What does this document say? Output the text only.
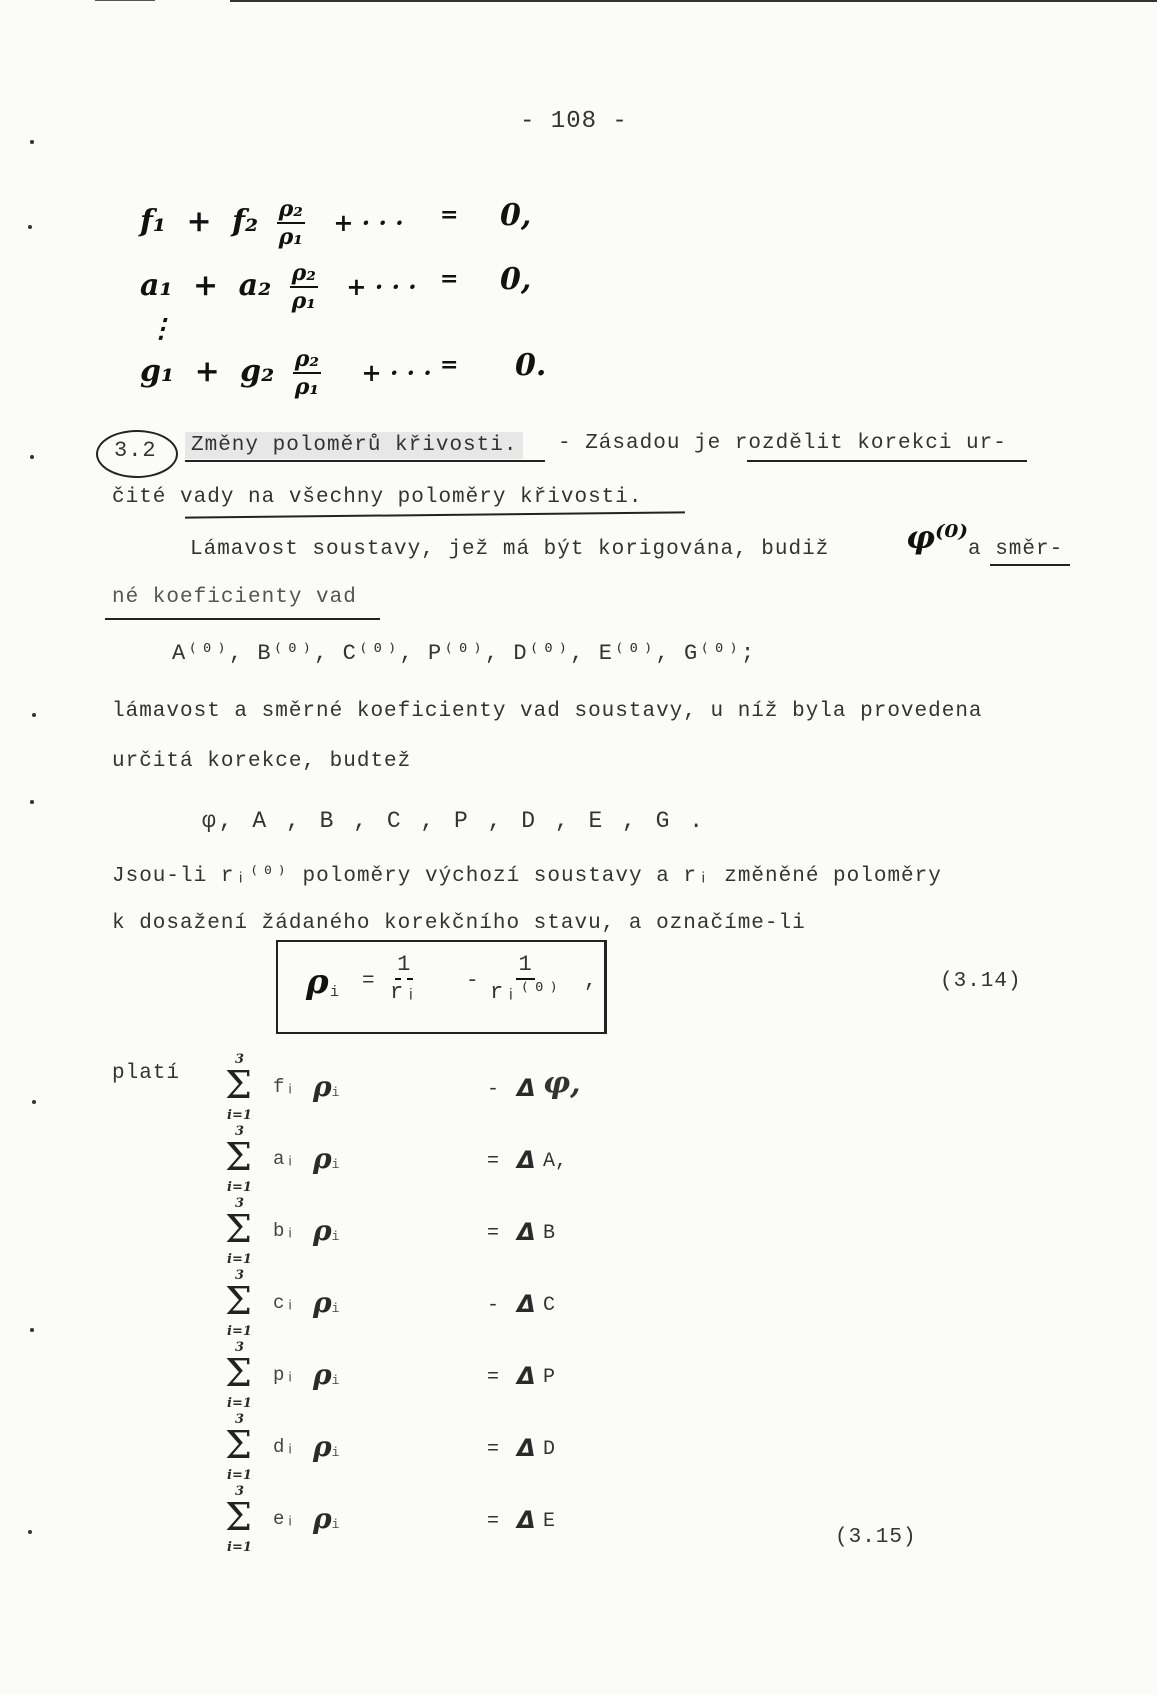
- 108 -
$f_1 + f_2 \frac{\text{ρ₂}}{\text{ρ₁}}$ + · · · = 0,
$a_1 + a_2 \frac{\text{ρ₂}}{\text{ρ₁}}$ + · · · = 0,
⋮
$g_1 + g_2 \frac{\text{ρ₂}}{\text{ρ₁}}$ + · · · = 0.
3.2 Změny poloměrů křivosti. - Zásadou je rozdělit korekci ur-
čité vady na všechny poloměry křivosti.
Lámavost soustavy, jež má být korigována, budiž φ⁽⁰⁾ a směr-
né koeficienty vad
A⁽⁰⁾, B⁽⁰⁾, C⁽⁰⁾, P⁽⁰⁾, D⁽⁰⁾, E⁽⁰⁾, G⁽⁰⁾;
lámavost a směrné koeficienty vad soustavy, u níž byla provedena
určitá korekce, budtež
φ, A , B , C , P , D , E , G .
Jsou-li rᵢ⁽⁰⁾ poloměry výchozí soustavy a rᵢ změněné poloměry
k dosažení žádaného korekčního stavu, a označíme-li
ρ $i = \frac{1}{\text{rᵢ}} - \frac{1}{\text{rᵢ⁽⁰⁾}}$ ,	(3.14)
platí
3
Σ
i=1
fᵢ ρi	- Δ φ,
3
Σ
i=1
aᵢ ρi	= Δ A,
3
Σ
i=1
bᵢ ρi	= Δ B
3
Σ
i=1
cᵢ ρi	- Δ C
3
Σ
i=1
pᵢ ρi	= Δ P
3
Σ
i=1
dᵢ ρi	= Δ D
3
Σ
i=1
eᵢ ρi	= Δ E
(3.15)
